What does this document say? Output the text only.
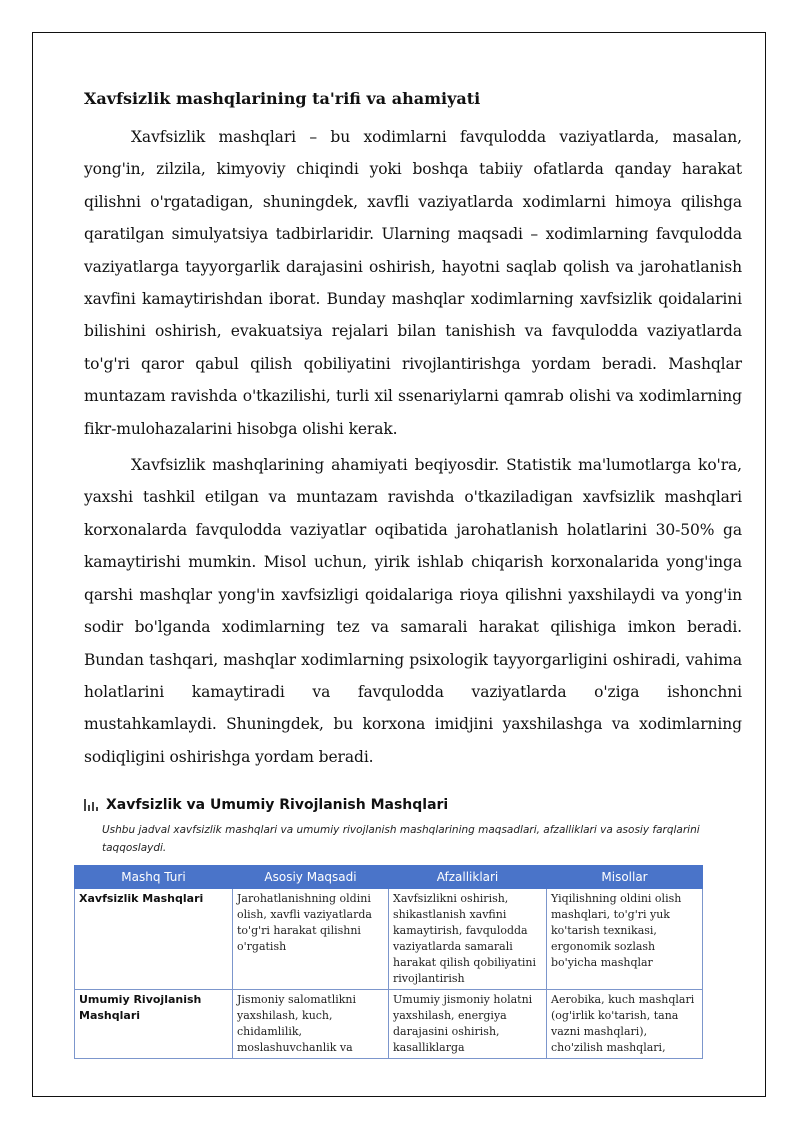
Xavfsizlik mashqlarining ta'rifi va ahamiyati

Xavfsizlik mashqlari – bu xodimlarni favqulodda vaziyatlarda, masalan, yong'in, zilzila, kimyoviy chiqindi yoki boshqa tabiiy ofatlarda qanday harakat qilishni o'rgatadigan, shuningdek, xavfli vaziyatlarda xodimlarni himoya qilishga qaratilgan simulyatsiya tadbirlaridir. Ularning maqsadi – xodimlarning favqulodda vaziyatlarga tayyorgarlik darajasini oshirish, hayotni saqlab qolish va jarohatlanish xavfini kamaytirishdan iborat. Bunday mashqlar xodimlarning xavfsizlik qoidalarini bilishini oshirish, evakuatsiya rejalari bilan tanishish va favqulodda vaziyatlarda to'g'ri qaror qabul qilish qobiliyatini rivojlantirishga yordam beradi. Mashqlar muntazam ravishda o'tkazilishi, turli xil ssenariylarni qamrab olishi va xodimlarning fikr-mulohazalarini hisobga olishi kerak.

Xavfsizlik mashqlarining ahamiyati beqiyosdir. Statistik ma'lumotlarga ko'ra, yaxshi tashkil etilgan va muntazam ravishda o'tkaziladigan xavfsizlik mashqlari korxonalarda favqulodda vaziyatlar oqibatida jarohatlanish holatlarini 30-50% ga kamaytirishi mumkin. Misol uchun, yirik ishlab chiqarish korxonalarida yong'inga qarshi mashqlar yong'in xavfsizligi qoidalariga rioya qilishni yaxshilaydi va yong'in sodir bo'lganda xodimlarning tez va samarali harakat qilishiga imkon beradi. Bundan tashqari, mashqlar xodimlarning psixologik tayyorgarligini oshiradi, vahima holatlarini kamaytiradi va favqulodda vaziyatlarda o'ziga ishonchni mustahkamlaydi. Shuningdek, bu korxona imidjini yaxshilashga va xodimlarning sodiqligini oshirishga yordam beradi.

Xavfsizlik va Umumiy Rivojlanish Mashqlari
Ushbu jadval xavfsizlik mashqlari va umumiy rivojlanish mashqlarining maqsadlari, afzalliklari va asosiy farqlarini taqqoslaydi.
Mashq Turi	Asosiy Maqsadi	Afzalliklari	Misollar
Xavfsizlik Mashqlari	Jarohatlanishning oldini olish, xavfli vaziyatlarda to'g'ri harakat qilishni o'rgatish	Xavfsizlikni oshirish, shikastlanish xavfini kamaytirish, favqulodda vaziyatlarda samarali harakat qilish qobiliyatini rivojlantirish	Yiqilishning oldini olish mashqlari, to'g'ri yuk ko'tarish texnikasi, ergonomik sozlash bo'yicha mashqlar
Umumiy Rivojlanish Mashqlari	Jismoniy salomatlikni yaxshilash, kuch, chidamlilik, moslashuvchanlik va	Umumiy jismoniy holatni yaxshilash, energiya darajasini oshirish, kasalliklarga	Aerobika, kuch mashqlari (og'irlik ko'tarish, tana vazni mashqlari), cho'zilish mashqlari,
